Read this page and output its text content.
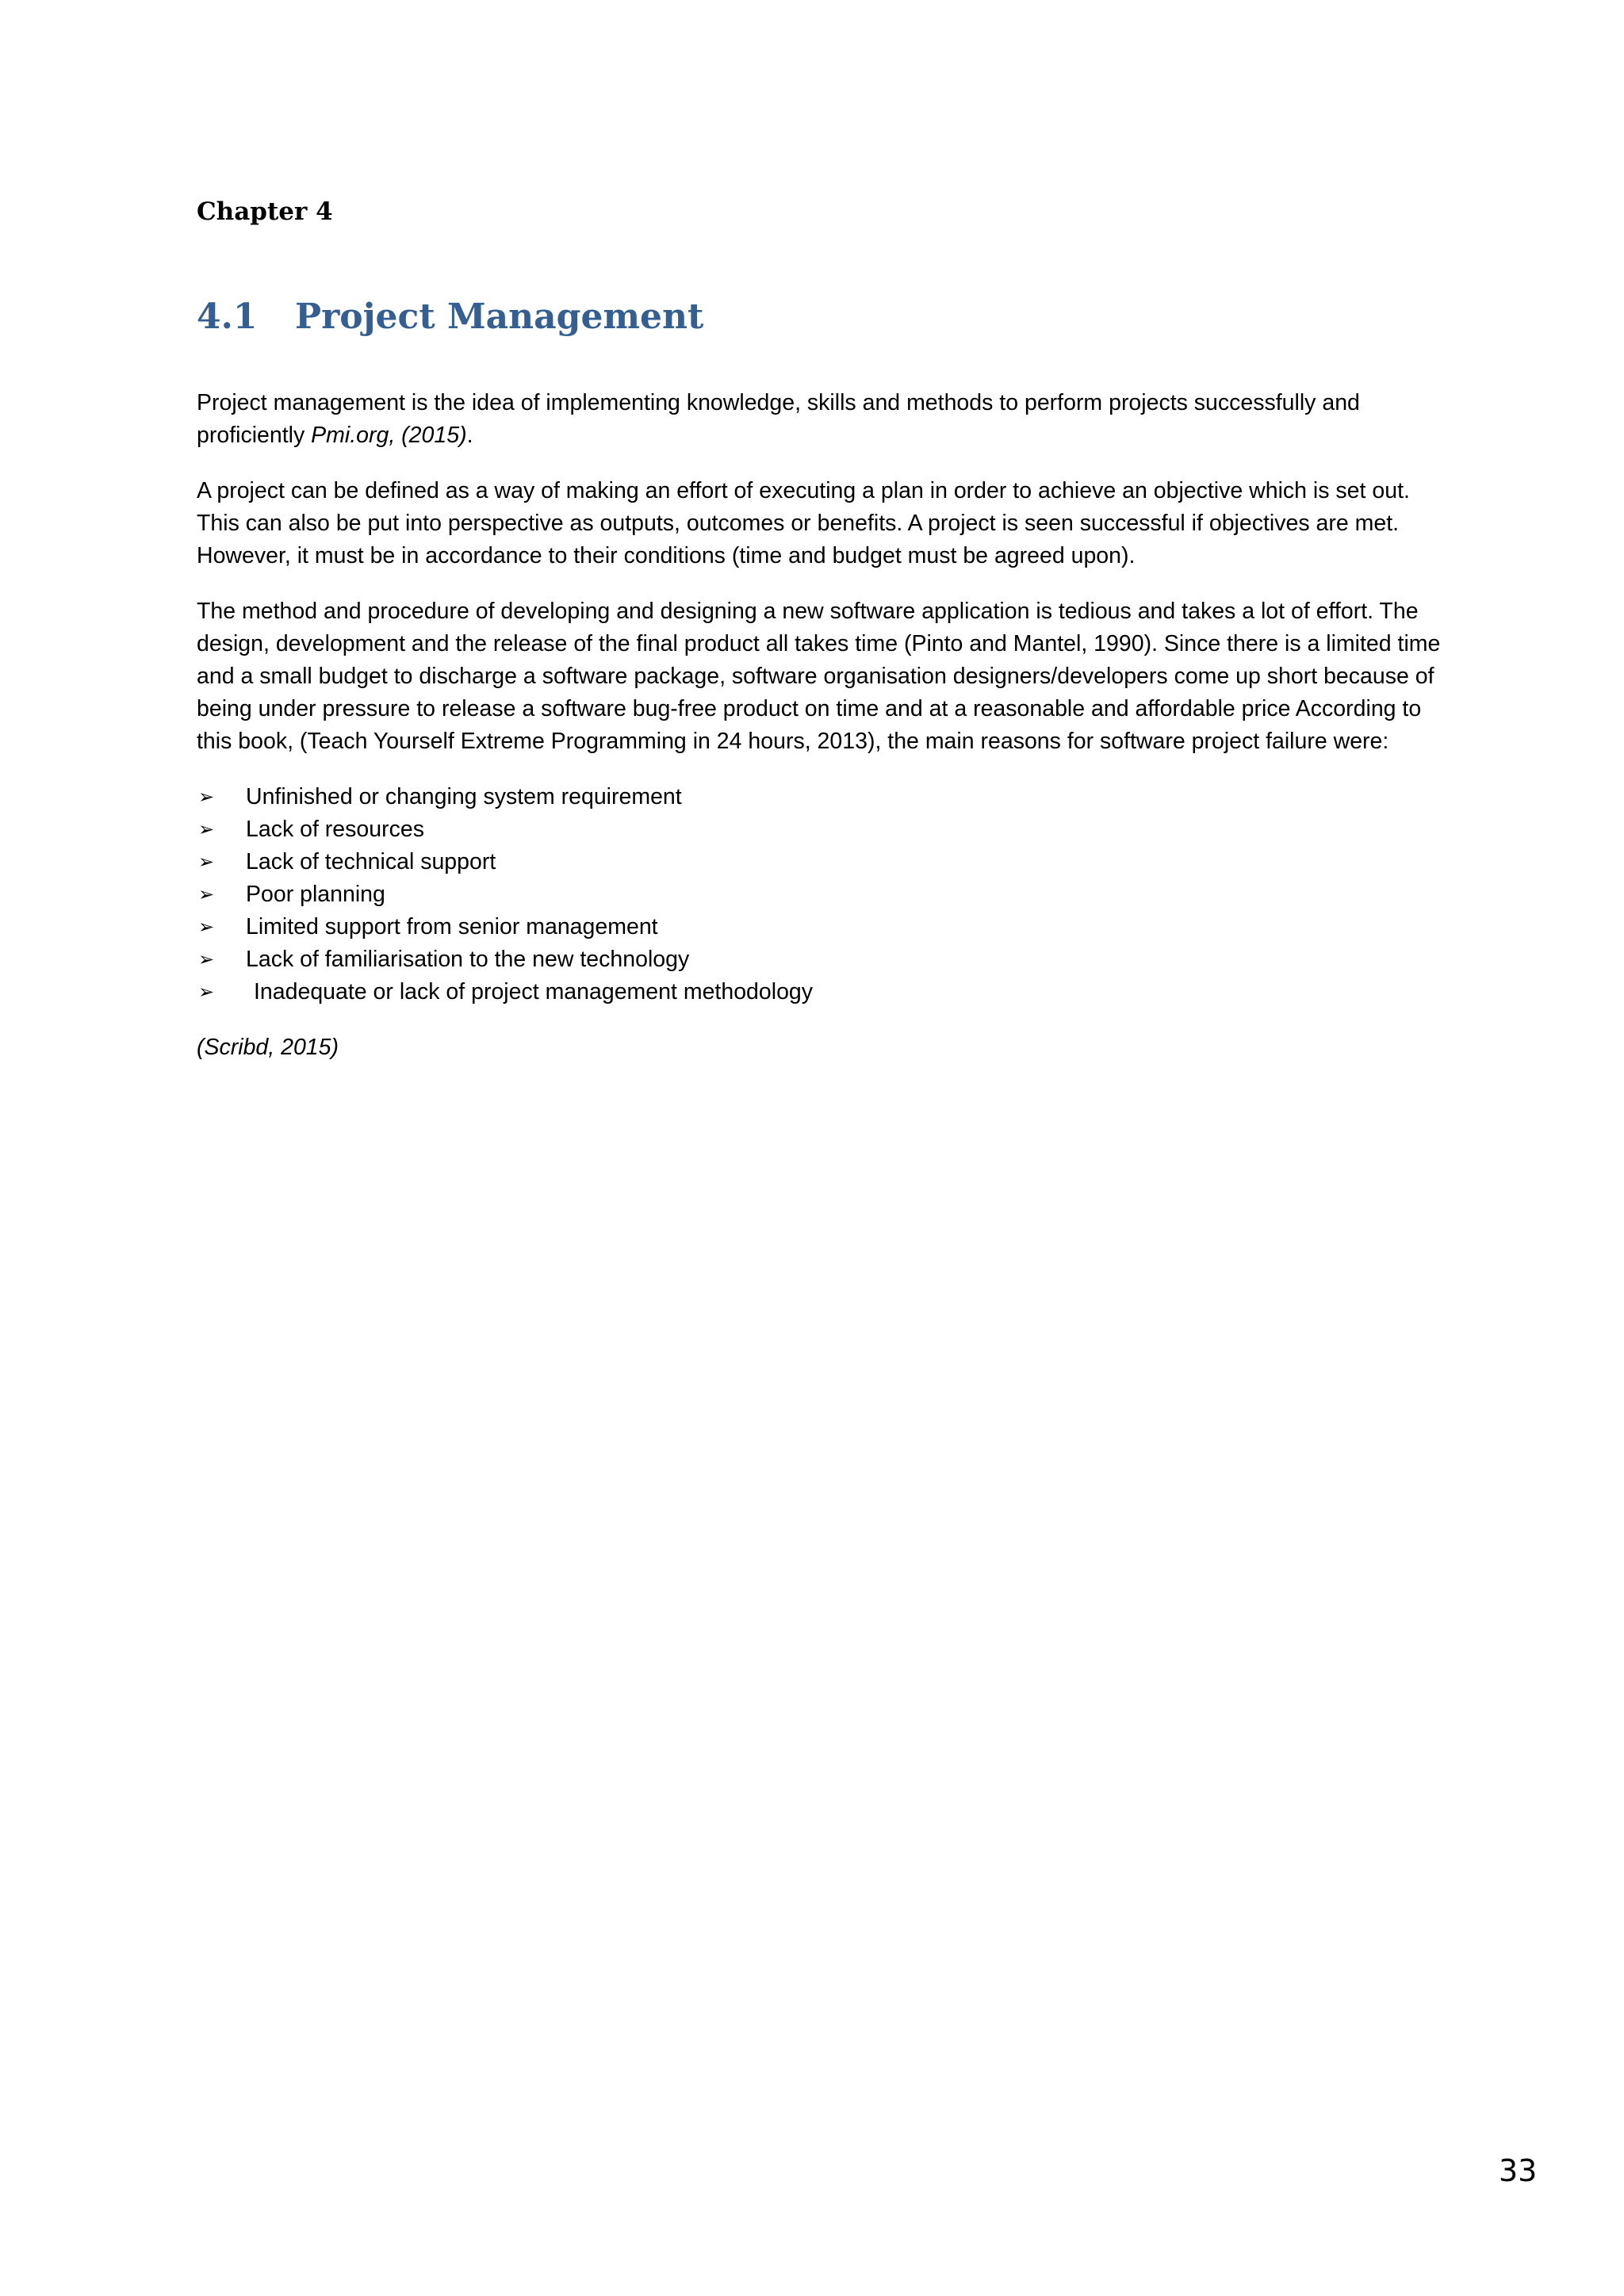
Chapter 4
4.1 Project Management

Project management is the idea of implementing knowledge, skills and methods to perform projects successfully and proficiently Pmi.org, (2015).

A project can be defined as a way of making an effort of executing a plan in order to achieve an objective which is set out. This can also be put into perspective as outputs, outcomes or benefits. A project is seen successful if objectives are met. However, it must be in accordance to their conditions (time and budget must be agreed upon).

The method and procedure of developing and designing a new software application is tedious and takes a lot of effort. The design, development and the release of the final product all takes time (Pinto and Mantel, 1990). Since there is a limited time and a small budget to discharge a software package, software organisation designers/developers come up short because of being under pressure to release a software bug-free product on time and at a reasonable and affordable price According to this book, (Teach Yourself Extreme Programming in 24 hours, 2013), the main reasons for software project failure were:

➢ Unfinished or changing system requirement
➢ Lack of resources
➢ Lack of technical support
➢ Poor planning
➢ Limited support from senior management
➢ Lack of familiarisation to the new technology
➢ Inadequate or lack of project management methodology

(Scribd, 2015)

33
